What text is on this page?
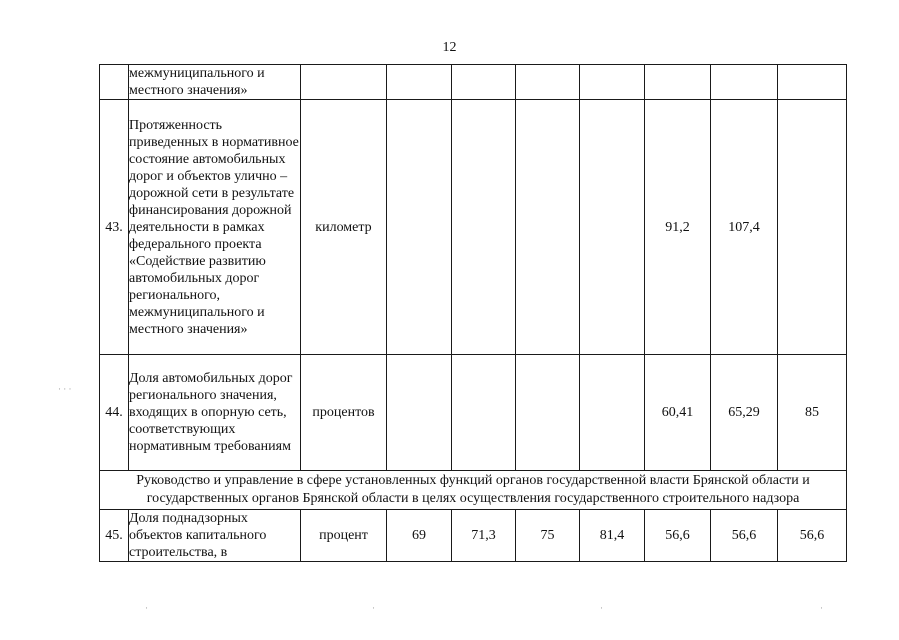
12
	межмуниципального и местного значения»								
43.	Протяженность приведенных в нормативное состояние автомобильных дорог и объектов улично – дорожной сети в результате финансирования дорожной деятельности в рамках федерального проекта «Содействие развитию автомобильных дорог регионального, межмуниципального и местного значения»	километр					91,2	107,4	
44.	Доля автомобильных дорог регионального значения, входящих в опорную сеть, соответствующих нормативным требованиям	процентов					60,41	65,29	85
Руководство и управление в сфере установленных функций органов государственной власти Брянской области и государственных органов Брянской области в целях осуществления государственного строительного надзора									
45.	Доля поднадзорных объектов капитального строительства, в	процент	69	71,3	75	81,4	56,6	56,6	56,6
· · ·
·	·	·	·
